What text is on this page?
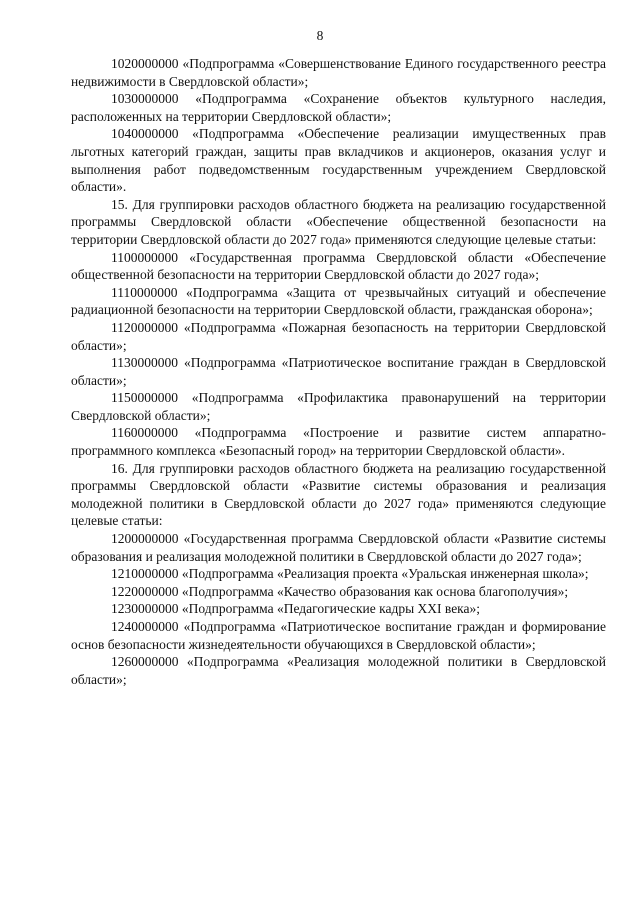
8

1020000000 «Подпрограмма «Совершенствование Единого государственного реестра недвижимости в Свердловской области»;

1030000000 «Подпрограмма «Сохранение объектов культурного наследия, расположенных на территории Свердловской области»;

1040000000 «Подпрограмма «Обеспечение реализации имущественных прав льготных категорий граждан, защиты прав вкладчиков и акционеров, оказания услуг и выполнения работ подведомственным государственным учреждением Свердловской области».

15. Для группировки расходов областного бюджета на реализацию государственной программы Свердловской области «Обеспечение общественной безопасности на территории Свердловской области до 2027 года» применяются следующие целевые статьи:

1100000000 «Государственная программа Свердловской области «Обеспечение общественной безопасности на территории Свердловской области до 2027 года»;

1110000000 «Подпрограмма «Защита от чрезвычайных ситуаций и обеспечение радиационной безопасности на территории Свердловской области, гражданская оборона»;

1120000000 «Подпрограмма «Пожарная безопасность на территории Свердловской области»;

1130000000 «Подпрограмма «Патриотическое воспитание граждан в Свердловской области»;

1150000000 «Подпрограмма «Профилактика правонарушений на территории Свердловской области»;

1160000000 «Подпрограмма «Построение и развитие систем аппаратно-программного комплекса «Безопасный город» на территории Свердловской области».

16. Для группировки расходов областного бюджета на реализацию государственной программы Свердловской области «Развитие системы образования и реализация молодежной политики в Свердловской области до 2027 года» применяются следующие целевые статьи:

1200000000 «Государственная программа Свердловской области «Развитие системы образования и реализация молодежной политики в Свердловской области до 2027 года»;

1210000000 «Подпрограмма «Реализация проекта «Уральская инженерная школа»;

1220000000 «Подпрограмма «Качество образования как основа благополучия»;

1230000000 «Подпрограмма «Педагогические кадры XXI века»;

1240000000 «Подпрограмма «Патриотическое воспитание граждан и формирование основ безопасности жизнедеятельности обучающихся в Свердловской области»;

1260000000 «Подпрограмма «Реализация молодежной политики в Свердловской области»;
